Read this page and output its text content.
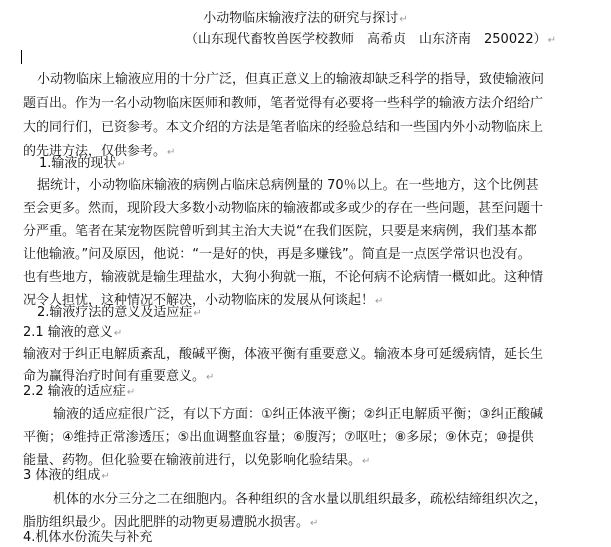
小动物临床输液疗法的研究与探讨↵
（山东现代畜牧兽医学校教师　高希贞　山东济南　250022）↵
小动物临床上输液应用的十分广泛，但真正意义上的输液却缺乏科学的指导，致使输液问
题百出。作为一名小动物临床医师和教师，笔者觉得有必要将一些科学的输液方法介绍给广
大的同行们，已资参考。本文介绍的方法是笔者临床的经验总结和一些国内外小动物临床上
的先进方法，仅供参考。↵
1.输液的现状↵
据统计，小动物临床输液的病例占临床总病例量的 70％以上。在一些地方，这个比例甚
至会更多。然而，现阶段大多数小动物临床的输液都或多或少的存在一些问题，甚至问题十
分严重。笔者在某宠物医院曾听到其主治大夫说“在我们医院，只要是来病例，我们基本都
让他输液。”问及原因，他说：“一是好的快，再是多赚钱”。简直是一点医学常识也没有。
也有些地方，输液就是输生理盐水，大狗小狗就一瓶，不论何病不论病情一概如此。这种情
况令人担忧，这种情况不解决，小动物临床的发展从何谈起！↵
2.输液疗法的意义及适应症↵
2.1 输液的意义↵
输液对于纠正电解质紊乱，酸碱平衡，体液平衡有重要意义。输液本身可延缓病情，延长生
命为赢得治疗时间有重要意义。↵
2.2 输液的适应症↵
输液的适应症很广泛，有以下方面：①纠正体液平衡；②纠正电解质平衡；③纠正酸碱
平衡；④维持正常渗透压；⑤出血调整血容量；⑥腹泻；⑦呕吐；⑧多尿；⑨休克；⑩提供
能量、药物。但化验要在输液前进行，以免影响化验结果。↵
3 体液的组成↵
机体的水分三分之二在细胞内。各种组织的含水量以肌组织最多，疏松结缔组织次之，
脂肪组织最少。因此肥胖的动物更易遭脱水损害。↵
4.机体水份流失与补充
